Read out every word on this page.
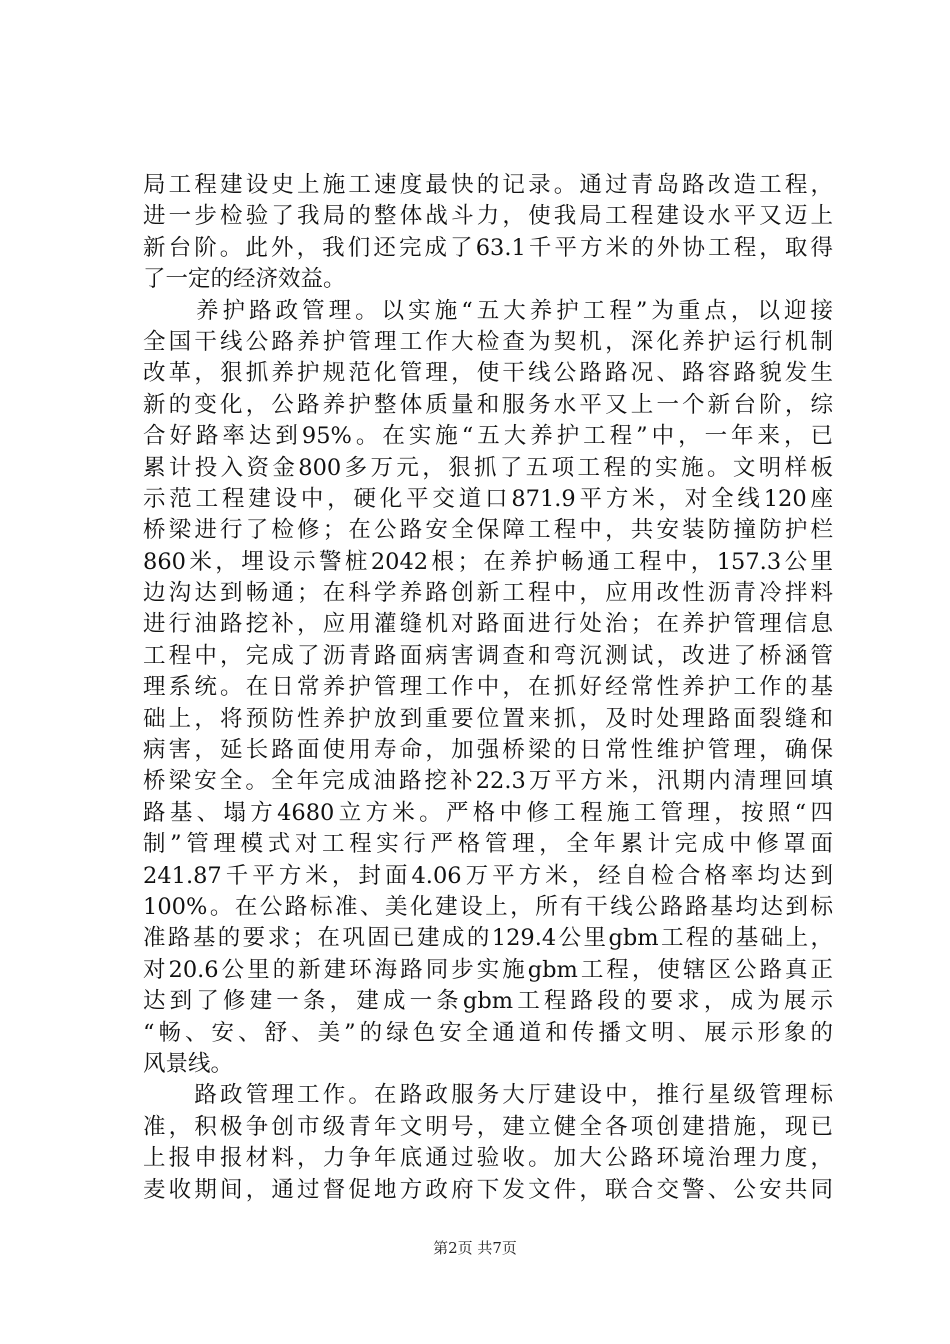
局工程建设史上施工速度最快的记录。通过青岛路改造工程，
进一步检验了我局的整体战斗力，使我局工程建设水平又迈上
新台阶。此外，我们还完成了63.1千平方米的外协工程，取得
了一定的经济效益。
　　养护路政管理。以实施“五大养护工程”为重点，以迎接
全国干线公路养护管理工作大检查为契机，深化养护运行机制
改革，狠抓养护规范化管理，使干线公路路况、路容路貌发生
新的变化，公路养护整体质量和服务水平又上一个新台阶，综
合好路率达到95%。在实施“五大养护工程”中，一年来，已
累计投入资金800多万元，狠抓了五项工程的实施。文明样板
示范工程建设中，硬化平交道口871.9平方米，对全线120座
桥梁进行了检修；在公路安全保障工程中，共安装防撞防护栏
860米，埋设示警桩2042根；在养护畅通工程中，157.3公里
边沟达到畅通；在科学养路创新工程中，应用改性沥青冷拌料
进行油路挖补，应用灌缝机对路面进行处治；在养护管理信息
工程中，完成了沥青路面病害调查和弯沉测试，改进了桥涵管
理系统。在日常养护管理工作中，在抓好经常性养护工作的基
础上，将预防性养护放到重要位置来抓，及时处理路面裂缝和
病害，延长路面使用寿命，加强桥梁的日常性维护管理，确保
桥梁安全。全年完成油路挖补22.3万平方米，汛期内清理回填
路基、塌方4680立方米。严格中修工程施工管理，按照“四
制”管理模式对工程实行严格管理，全年累计完成中修罩面
241.87千平方米，封面4.06万平方米，经自检合格率均达到
100%。在公路标准、美化建设上，所有干线公路路基均达到标
准路基的要求；在巩固已建成的129.4公里gbm工程的基础上，
对20.6公里的新建环海路同步实施gbm工程，使辖区公路真正
达到了修建一条，建成一条gbm工程路段的要求，成为展示
“畅、安、舒、美”的绿色安全通道和传播文明、展示形象的
风景线。
　　路政管理工作。在路政服务大厅建设中，推行星级管理标
准，积极争创市级青年文明号，建立健全各项创建措施，现已
上报申报材料，力争年底通过验收。加大公路环境治理力度，
麦收期间，通过督促地方政府下发文件，联合交警、公安共同
第2页 共7页
